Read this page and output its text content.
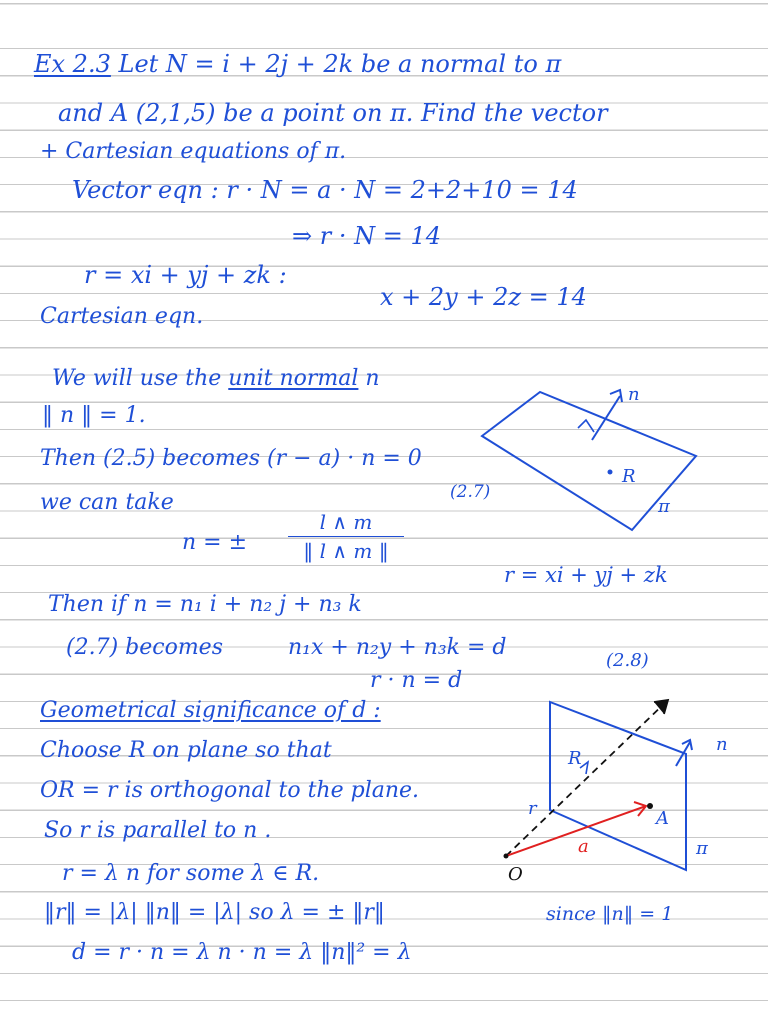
Ex 2.3 Let N = i + 2j + 2k be a normal to π
and A (2,1,5) be a point on π. Find the vector
+ Cartesian equations of π.
Vector eqn : r · N = a · N = 2+2+10 = 14
⇒ r · N = 14
r = xi + yj + zk :
x + 2y + 2z = 14
Cartesian eqn.
We will use the unit normal n
‖ n ‖ = 1.
Then (2.5) becomes (r − a) · n = 0
we can take
n = ±
l ∧ m
‖ l ∧ m ‖
r = xi + yj + zk
Then if n = n₁ i + n₂ j + n₃ k
(2.7) becomes	n₁x + n₂y + n₃k = d
(2.8)
r · n = d
Geometrical significance of d :
Choose R on plane so that
OR = r is orthogonal to the plane.
So r is parallel to n .
r = λ n for some λ ∈ R.
‖r‖ = |λ| ‖n‖ = |λ| so λ = ± ‖r‖	since ‖n‖ = 1
d = r · n = λ n · n = λ ‖n‖² = λ
n
R
π
(2.7)
O
r
R
A
a
n
π
